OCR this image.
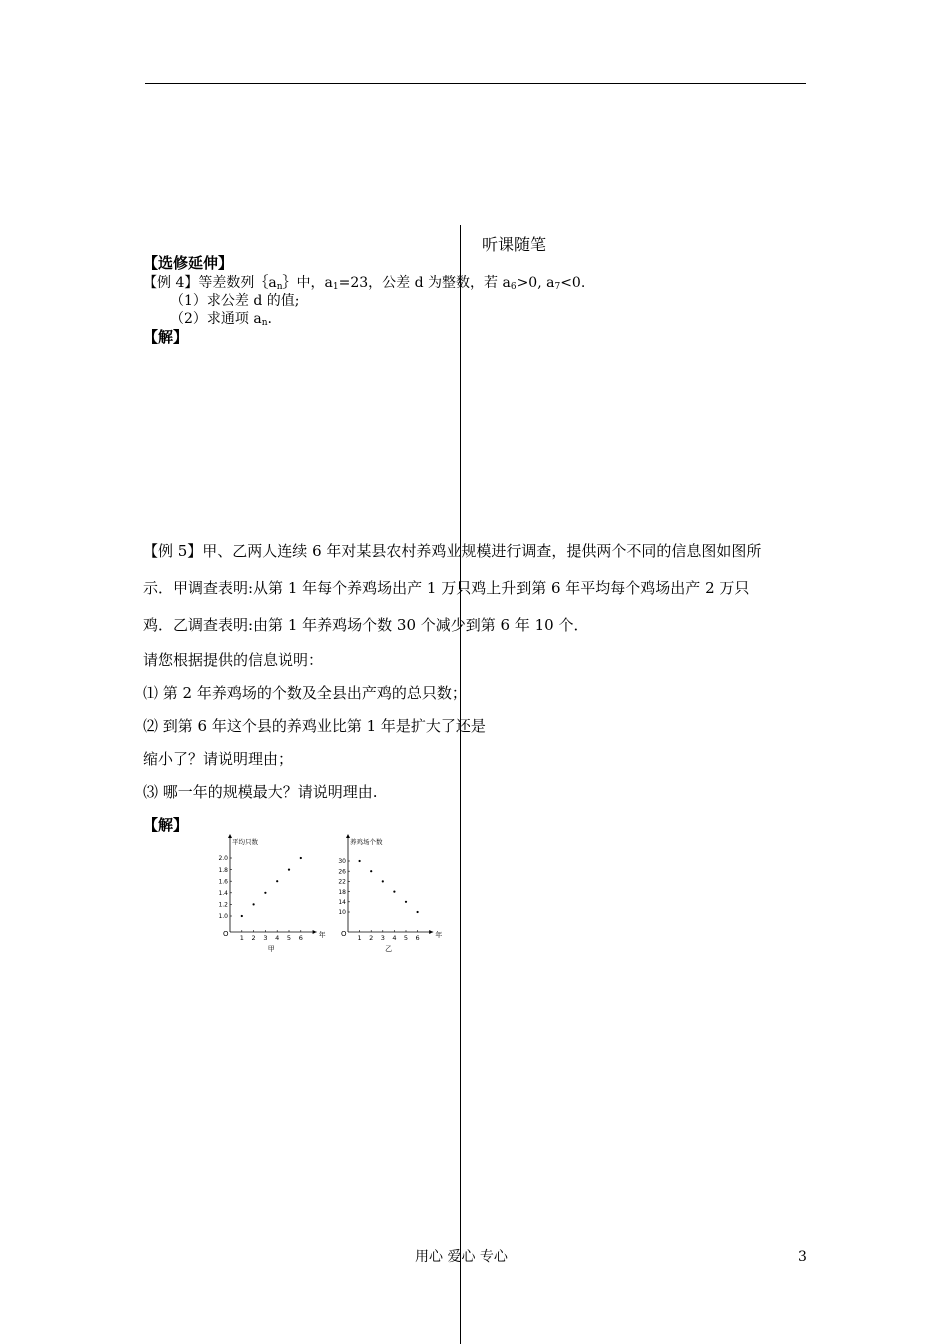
听课随笔
【选修延伸】
【例 4】等差数列$\{a_n\}$中，$a_1=23$，公差 d 为整数，若 $a_6>0$, $a_7<0$.
（1）求公差 d 的值;
（2）求通项 $a_n$.
【解】
【例 5】甲、乙两人连续 6 年对某县农村养鸡业规模进行调查，提供两个不同的信息图如图所
示．甲调查表明:从第 1 年每个养鸡场出产 1 万只鸡上升到第 6 年平均每个鸡场出产 2 万只
鸡．乙调查表明:由第 1 年养鸡场个数 30 个减少到第 6 年 10 个．
请您根据提供的信息说明：
⑴ 第 2 年养鸡场的个数及全县出产鸡的总只数；
⑵ 到第 6 年这个县的养鸡业比第 1 年是扩大了还是
缩小了？请说明理由；
⑶ 哪一年的规模最大？请说明理由.
【解】
平均只数
O
1.0
1.2
1.4
1.6
1.8
2.0
1 2 3 4 5 6 年
甲
养鸡场个数
O
30
26
22
18
14
10
1 2 3 4 5 6 年
乙
用心 爱心 专心	3
